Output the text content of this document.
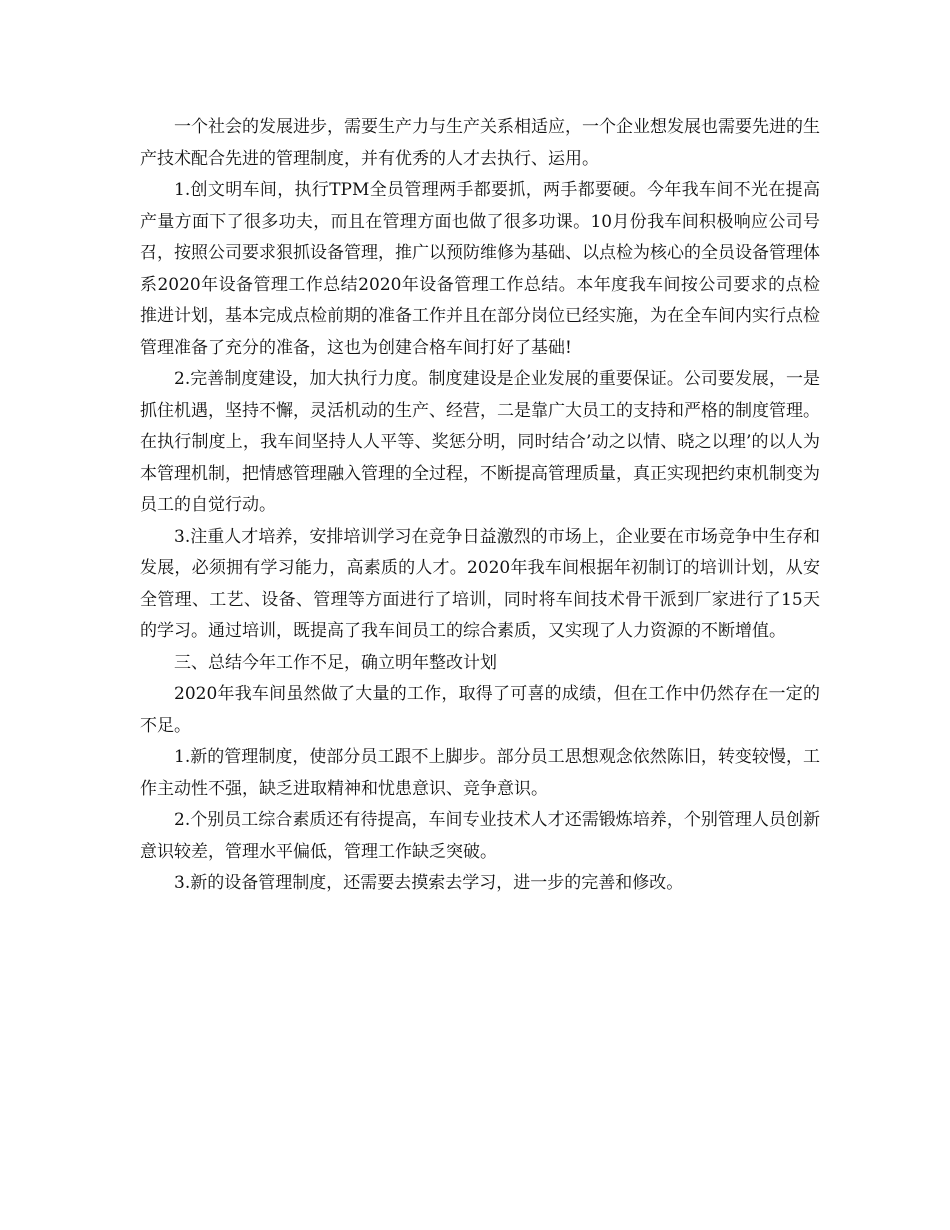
一个社会的发展进步，需要生产力与生产关系相适应，一个企业想发展也需要先进的生产技术配合先进的管理制度，并有优秀的人才去执行、运用。

1.创文明车间，执行TPM全员管理两手都要抓，两手都要硬。今年我车间不光在提高产量方面下了很多功夫，而且在管理方面也做了很多功课。10月份我车间积极响应公司号召，按照公司要求狠抓设备管理，推广以预防维修为基础、以点检为核心的全员设备管理体系2020年设备管理工作总结2020年设备管理工作总结。本年度我车间按公司要求的点检推进计划，基本完成点检前期的准备工作并且在部分岗位已经实施，为在全车间内实行点检管理准备了充分的准备，这也为创建合格车间打好了基础!

2.完善制度建设，加大执行力度。制度建设是企业发展的重要保证。公司要发展，一是抓住机遇，坚持不懈，灵活机动的生产、经营，二是靠广大员工的支持和严格的制度管理。在执行制度上，我车间坚持人人平等、奖惩分明，同时结合’动之以情、晓之以理’的以人为本管理机制，把情感管理融入管理的全过程，不断提高管理质量，真正实现把约束机制变为员工的自觉行动。

3.注重人才培养，安排培训学习在竞争日益激烈的市场上，企业要在市场竞争中生存和发展，必须拥有学习能力，高素质的人才。2020年我车间根据年初制订的培训计划，从安全管理、工艺、设备、管理等方面进行了培训，同时将车间技术骨干派到厂家进行了15天的学习。通过培训，既提高了我车间员工的综合素质，又实现了人力资源的不断增值。

三、总结今年工作不足，确立明年整改计划

2020年我车间虽然做了大量的工作，取得了可喜的成绩，但在工作中仍然存在一定的不足。

1.新的管理制度，使部分员工跟不上脚步。部分员工思想观念依然陈旧，转变较慢，工作主动性不强，缺乏进取精神和忧患意识、竞争意识。

2.个别员工综合素质还有待提高，车间专业技术人才还需锻炼培养，个别管理人员创新意识较差，管理水平偏低，管理工作缺乏突破。

3.新的设备管理制度，还需要去摸索去学习，进一步的完善和修改。
